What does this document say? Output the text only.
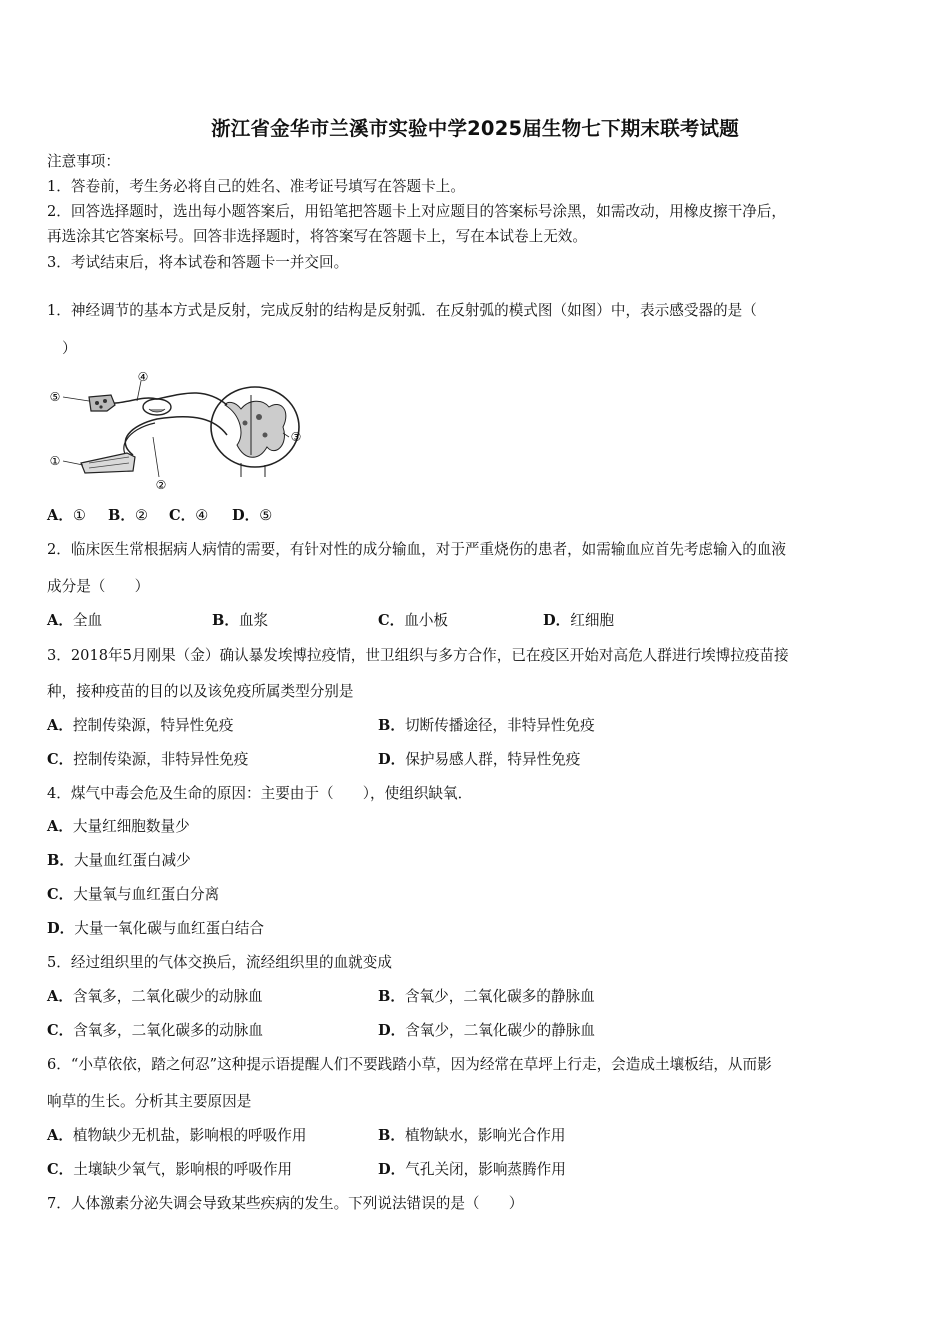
浙江省金华市兰溪市实验中学2025届生物七下期末联考试题
注意事项：
1．答卷前，考生务必将自己的姓名、准考证号填写在答题卡上。
2．回答选择题时，选出每小题答案后，用铅笔把答题卡上对应题目的答案标号涂黑，如需改动，用橡皮擦干净后，
再选涂其它答案标号。回答非选择题时，将答案写在答题卡上，写在本试卷上无效。
3．考试结束后，将本试卷和答题卡一并交回。
1．神经调节的基本方式是反射，完成反射的结构是反射弧．在反射弧的模式图（如图）中，表示感受器的是（
）
⑤
①
④
②
③
A．① B．② C．④ D．⑤
2．临床医生常根据病人病情的需要，有针对性的成分输血，对于严重烧伤的患者，如需输血应首先考虑输入的血液
成分是（　　）
A．全血	B．血浆	C．血小板	D．红细胞
3．2018年5月刚果（金）确认暴发埃博拉疫情，世卫组织与多方合作，已在疫区开始对高危人群进行埃博拉疫苗接
种，接种疫苗的目的以及该免疫所属类型分别是
A．控制传染源，特异性免疫	B．切断传播途径，非特异性免疫
C．控制传染源，非特异性免疫	D．保护易感人群，特异性免疫
4．煤气中毒会危及生命的原因：主要由于（　　），使组织缺氧．
A．大量红细胞数量少
B．大量血红蛋白减少
C．大量氧与血红蛋白分离
D．大量一氧化碳与血红蛋白结合
5．经过组织里的气体交换后，流经组织里的血就变成
A．含氧多，二氧化碳少的动脉血	B．含氧少，二氧化碳多的静脉血
C．含氧多，二氧化碳多的动脉血	D．含氧少，二氧化碳少的静脉血
6．“小草依依，踏之何忍”这种提示语提醒人们不要践踏小草，因为经常在草坪上行走，会造成土壤板结，从而影
响草的生长。分析其主要原因是
A．植物缺少无机盐，影响根的呼吸作用	B．植物缺水，影响光合作用
C．土壤缺少氧气，影响根的呼吸作用	D．气孔关闭，影响蒸腾作用
7．人体激素分泌失调会导致某些疾病的发生。下列说法错误的是（　　）
